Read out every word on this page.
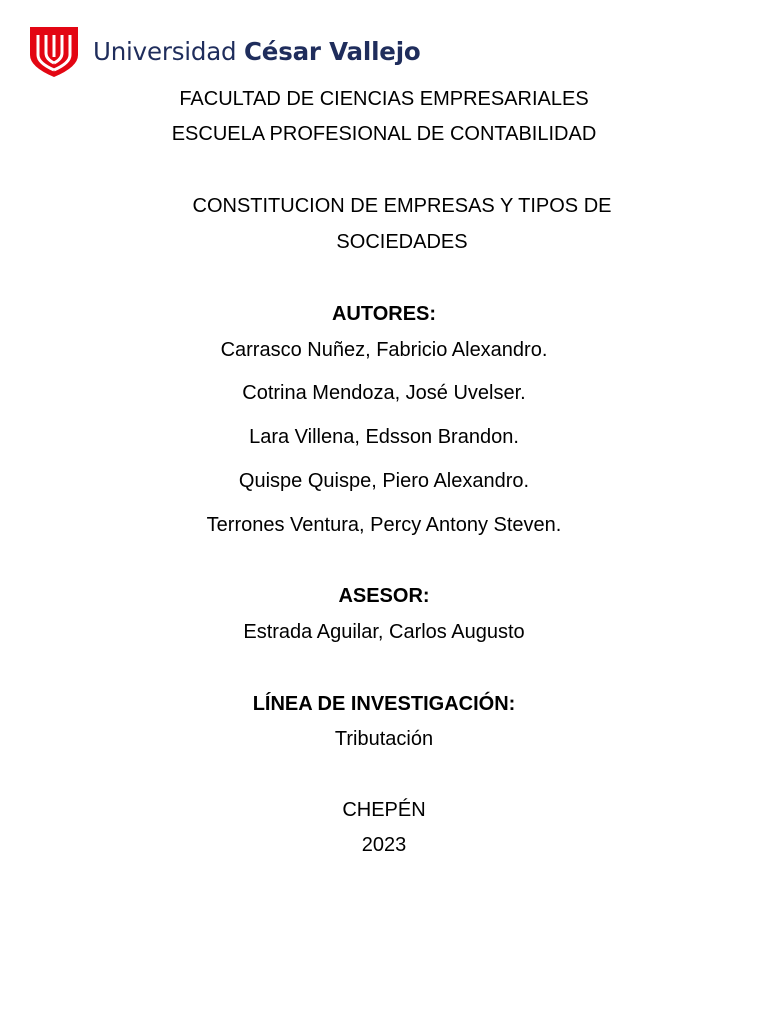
Universidad César Vallejo
FACULTAD DE CIENCIAS EMPRESARIALES
ESCUELA PROFESIONAL DE CONTABILIDAD
CONSTITUCION DE EMPRESAS Y TIPOS DE
SOCIEDADES
AUTORES:
Carrasco Nuñez, Fabricio Alexandro.
Cotrina Mendoza, José Uvelser.
Lara Villena, Edsson Brandon.
Quispe Quispe, Piero Alexandro.
Terrones Ventura, Percy Antony Steven.
ASESOR:
Estrada Aguilar, Carlos Augusto
LÍNEA DE INVESTIGACIÓN:
Tributación
CHEPÉN
2023
